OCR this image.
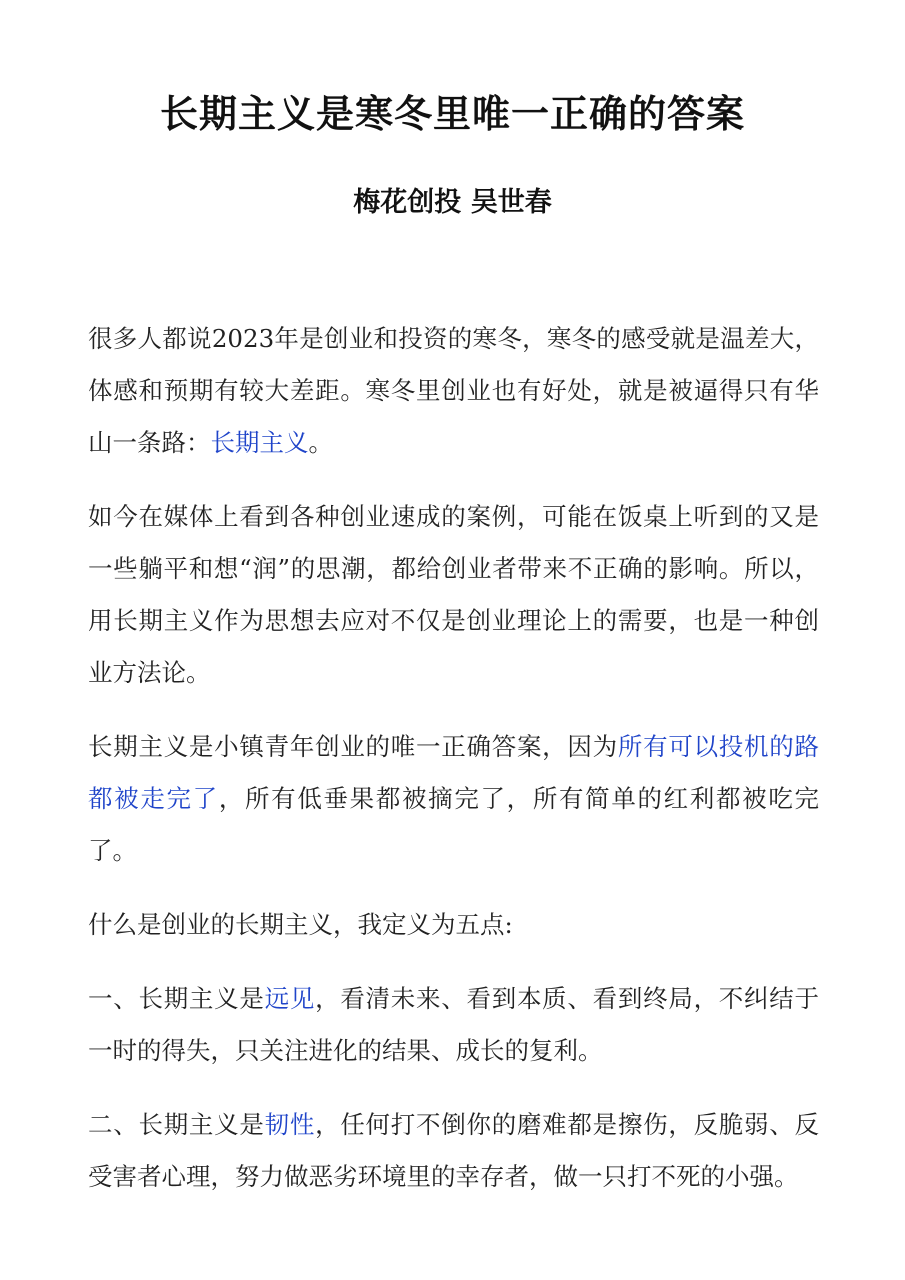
长期主义是寒冬里唯一正确的答案
梅花创投 吴世春

很多人都说2023年是创业和投资的寒冬，寒冬的感受就是温差大，体感和预期有较大差距。寒冬里创业也有好处，就是被逼得只有华山一条路：长期主义。

如今在媒体上看到各种创业速成的案例，可能在饭桌上听到的又是一些躺平和想“润”的思潮，都给创业者带来不正确的影响。所以，用长期主义作为思想去应对不仅是创业理论上的需要，也是一种创业方法论。

长期主义是小镇青年创业的唯一正确答案，因为所有可以投机的路都被走完了，所有低垂果都被摘完了，所有简单的红利都被吃完了。

什么是创业的长期主义，我定义为五点:

一、长期主义是远见，看清未来、看到本质、看到终局，不纠结于一时的得失，只关注进化的结果、成长的复利。

二、长期主义是韧性，任何打不倒你的磨难都是擦伤，反脆弱、反受害者心理，努力做恶劣环境里的幸存者，做一只打不死的小强。
